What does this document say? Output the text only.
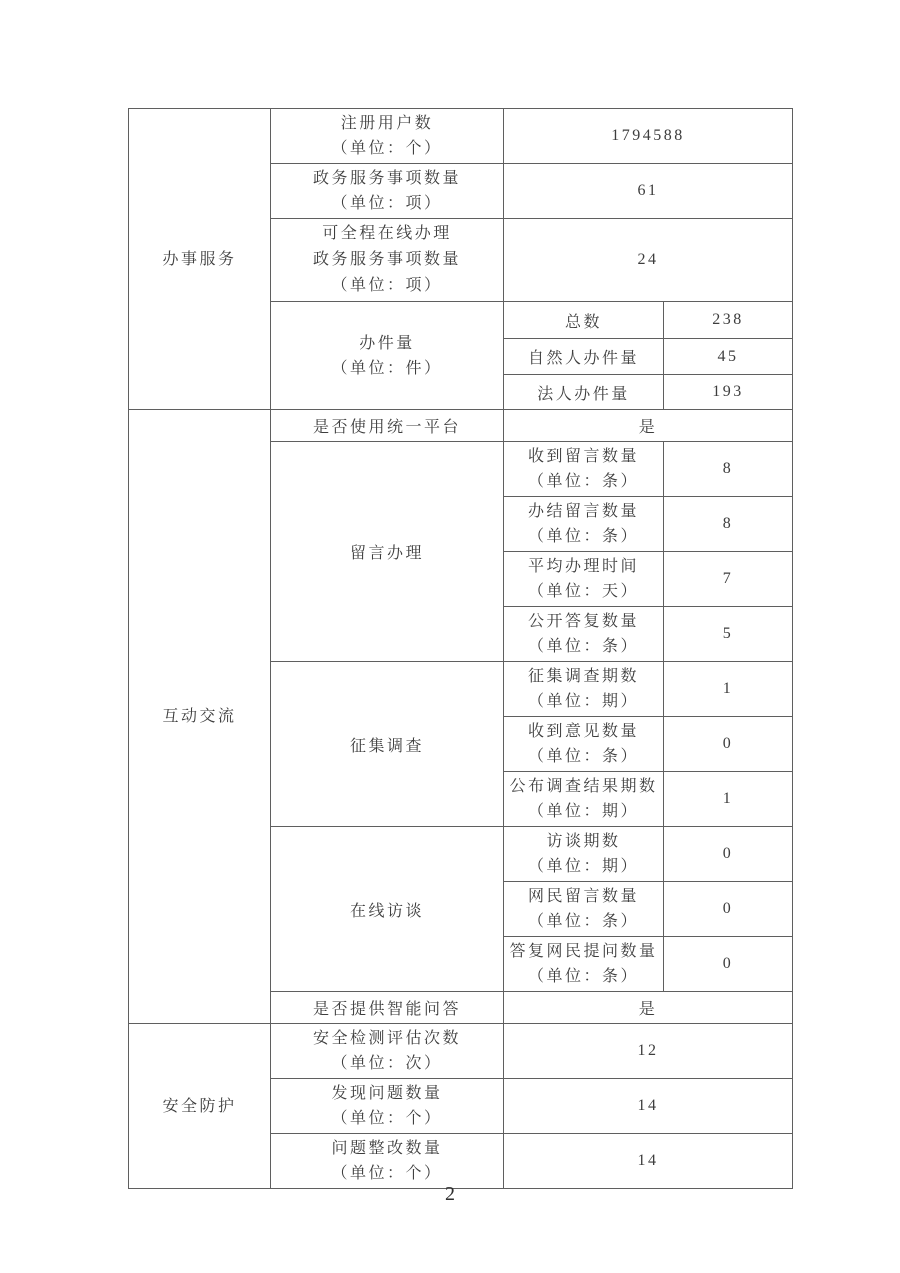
办事服务	注册用户数
（单位：个）	1794588	

	政务服务事项数量
（单位：项）	61	

	可全程在线办理
政务服务事项数量
（单位：项）	24	

	办件量
（单位：件）	总数	238
		自然人办件量	45
		法人办件量	193

互动交流	是否使用统一平台	是	
	留言办理	收到留言数量
（单位：条）	8

		办结留言数量
（单位：条）	8

		平均办理时间
（单位：天）	7

		公开答复数量
（单位：条）	5
	征集调查	征集调查期数
（单位：期）	1

		收到意见数量
（单位：条）	0

		公布调查结果期数
（单位：期）	1
	在线访谈	访谈期数
（单位：期）	0

		网民留言数量
（单位：条）	0

		答复网民提问数量
（单位：条）	0
	是否提供智能问答	是	

安全防护	安全检测评估次数
（单位：次）	12	

	发现问题数量
（单位：个）	14	

	问题整改数量
（单位：个）	14	
2
